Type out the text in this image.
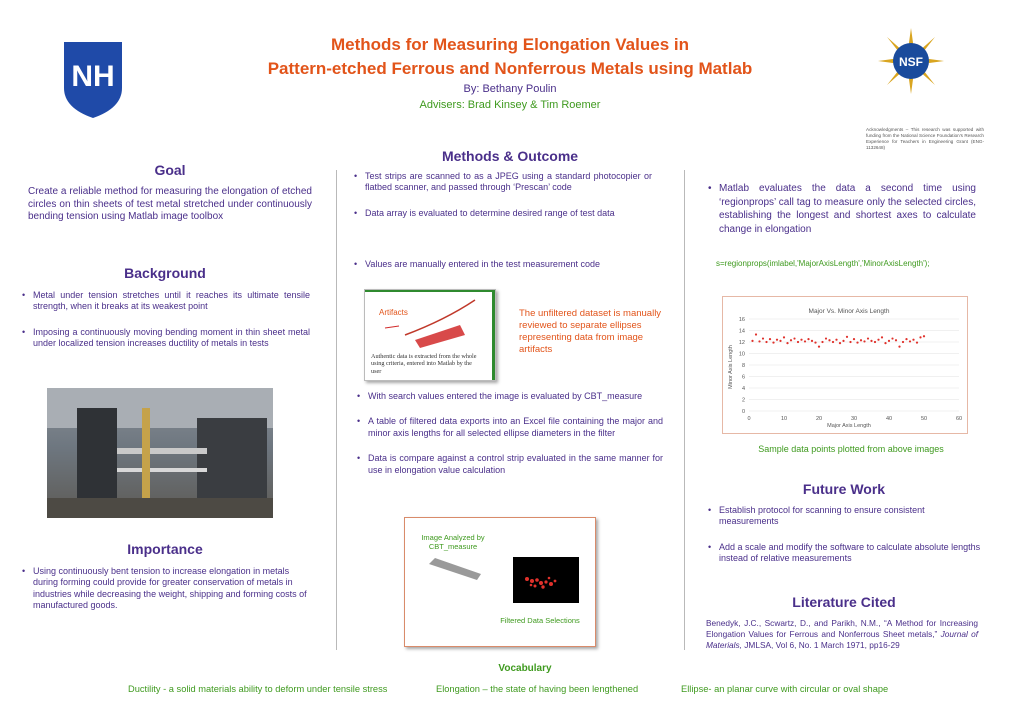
NH
Methods for Measuring Elongation Values in
Pattern-etched Ferrous and Nonferrous Metals using Matlab
By: Bethany Poulin
Advisers: Brad Kinsey & Tim Roemer
NSF
Acknowledgments – This research was supported with funding from the National Science Foundation’s Research Experience for Teachers in Engineering Grant (ENG-1132648)
Goal
Create a reliable method for measuring the elongation of etched circles on thin sheets of test metal stretched under continuously bending tension using Matlab image toolbox
Background
• Metal under tension stretches until it reaches its ultimate tensile strength, when it breaks at its weakest point
• Imposing a continuously moving bending moment in thin sheet metal under localized tension increases ductility of metals in tests
Importance
• Using continuously bent tension to increase elongation in metals during forming could provide for greater conservation of metals in industries while decreasing the weight, shipping and forming costs of manufactured goods.
Methods & Outcome
• Test strips are scanned to as a JPEG using a standard photocopier or flatbed scanner, and passed through ‘Prescan’ code
• Data array is evaluated to determine desired range of test data
• Values are manually entered in the test measurement code
Artifacts
Authentic data is extracted from the whole using criteria, entered into Matlab by the user
The unfiltered dataset is manually reviewed to separate ellipses representing data from image artifacts
• With search values entered the image is evaluated by CBT_measure
• A table of filtered data exports into an Excel file containing the major and minor axis lengths for all selected ellipse diameters in the filter
• Data is compare against a control strip evaluated in the same manner for use in elongation value calculation
Image Analyzed by CBT_measure
Filtered Data Selections
• Matlab evaluates the data a second time using ‘regionprops’ call tag to measure only the selected circles, establishing the longest and shortest axes to calculate change in elongation
s=regionprops(imlabel,'MajorAxisLength','MinorAxisLength');
Major Vs. Minor Axis Length
0
2
4
6
8
10
12
14
16
0	10	20	30	40	50	60
Major Axis Length
Minor Axis Length
Sample data points plotted from above images
Future Work
• Establish protocol for scanning to ensure consistent measurements
• Add a scale and modify the software to calculate absolute lengths instead of relative measurements
Literature Cited
Benedyk, J.C., Scwartz, D., and Parikh, N.M., “A Method for Increasing Elongation Values for Ferrous and Nonferrous Sheet metals,” Journal of Materials, JMLSA, Vol 6, No. 1 March 1971, pp16-29
Vocabulary
Ductility - a solid materials ability to deform under tensile stress	Elongation – the state of having been lengthened	Ellipse- an planar curve with circular or oval shape
